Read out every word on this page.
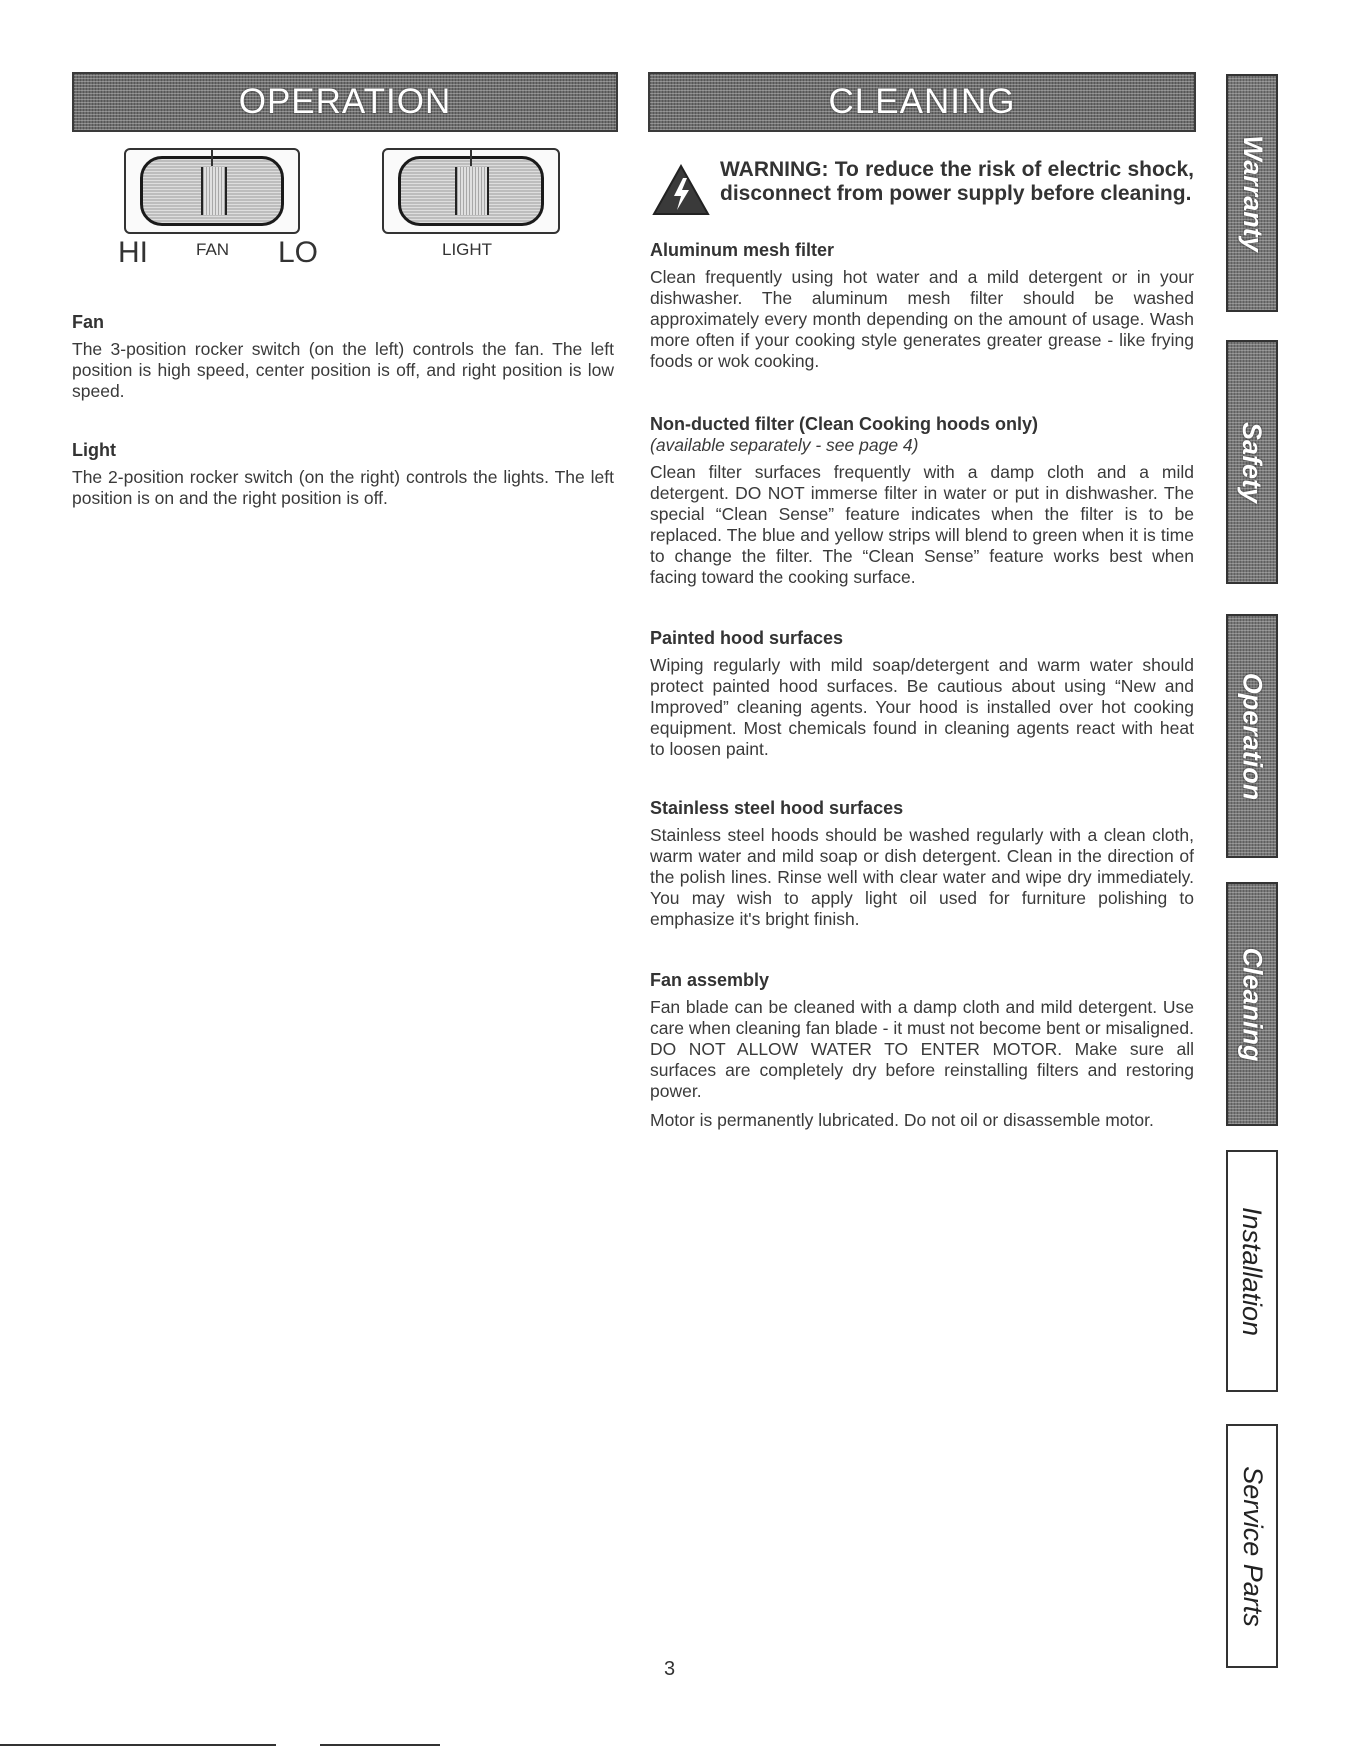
OPERATION	CLEANING
HI	FAN LO	LIGHT
Fan

The 3-position rocker switch (on the left) controls the fan. The left position is high speed, center position is off, and right position is low speed.

Light

The 2-position rocker switch (on the right) controls the lights. The left position is on and the right position is off.

WARNING: To reduce the risk of electric shock, disconnect from power supply before cleaning.
Aluminum mesh filter

Clean frequently using hot water and a mild detergent or in your dishwasher. The aluminum mesh filter should be washed approximately every month depending on the amount of usage. Wash more often if your cooking style generates greater grease - like frying foods or wok cooking.

Non-ducted filter (Clean Cooking hoods only)
(available separately - see page 4)

Clean filter surfaces frequently with a damp cloth and a mild detergent. DO NOT immerse filter in water or put in dishwasher. The special “Clean Sense” feature indicates when the filter is to be replaced. The blue and yellow strips will blend to green when it is time to change the filter. The “Clean Sense” feature works best when facing toward the cooking surface.

Painted hood surfaces

Wiping regularly with mild soap/detergent and warm water should protect painted hood surfaces. Be cautious about using “New and Improved” cleaning agents. Your hood is installed over hot cooking equipment. Most chemicals found in cleaning agents react with heat to loosen paint.

Stainless steel hood surfaces

Stainless steel hoods should be washed regularly with a clean cloth, warm water and mild soap or dish detergent. Clean in the direction of the polish lines. Rinse well with clear water and wipe dry immediately. You may wish to apply light oil used for furniture polishing to emphasize it's bright finish.

Fan assembly

Fan blade can be cleaned with a damp cloth and mild detergent. Use care when cleaning fan blade - it must not become bent or misaligned. DO NOT ALLOW WATER TO ENTER MOTOR. Make sure all surfaces are completely dry before reinstalling filters and restoring power.

Motor is permanently lubricated. Do not oil or disassemble motor.

Warranty
Safety
Operation
Cleaning
Installation
Service Parts
3
